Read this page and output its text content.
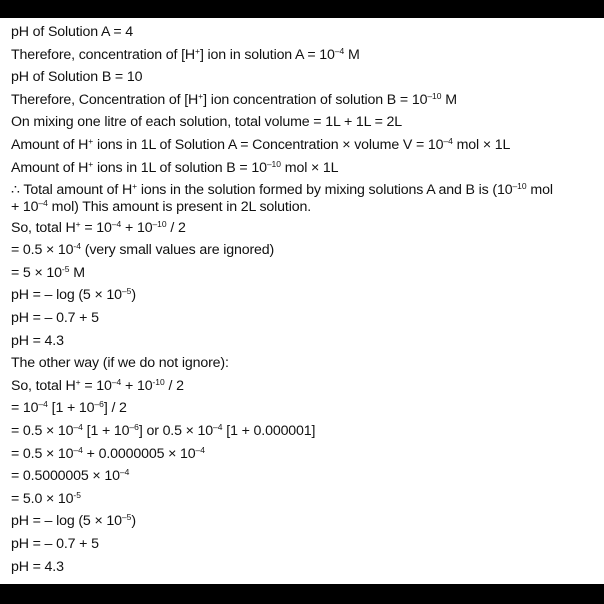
pH of Solution A = 4
Therefore, concentration of [H+] ion in solution $A = 10^{-4}$ M
pH of Solution B = 10
Therefore, Concentration of [H+] ion concentration of solution $B = 10^{-10}$ M
On mixing one litre of each solution, total volume = 1L + 1L = 2L
Amount of H+ ions in 1L of Solution A = Concentration × volume $V = 10^{-4}$ mol × 1L
Amount of H+ ions in 1L of solution $B = 10^{-10}$ mol × 1L
∴ Total amount of H+ ions in the solution formed by mixing solutions A and B is ($10^{-10}$ mol
+ $10^{-4}$ mol) This amount is present in 2L solution.
So, total $H^+ = 10^{-4} + 10^{-10} / 2$
= $0.5 \times 10^{-4}$ (very small values are ignored)
= $5 \times 10^{-5}$ M
pH = – $\log (5 \times 10^{-5})$
pH = – 0.7 + 5
pH = 4.3
The other way (if we do not ignore):
So, total $H^+ = 10^{-4} + 10^{-10} / 2$
= $10^{-4}$ $[1 + 10^{-6}] / 2$
= $0.5 \times 10^{-4}$ $[1 + 10^{-6}]$ or $0.5 \times 10^{-4}$ [1 + 0.000001]
= $0.5 \times 10^{-4} + 0.0000005 \times 10^{-4}$
= $0.5000005 \times 10^{-4}$
= $5.0 \times 10^{-5}$
pH = – $\log (5 \times 10^{-5})$
pH = – 0.7 + 5
pH = 4.3
